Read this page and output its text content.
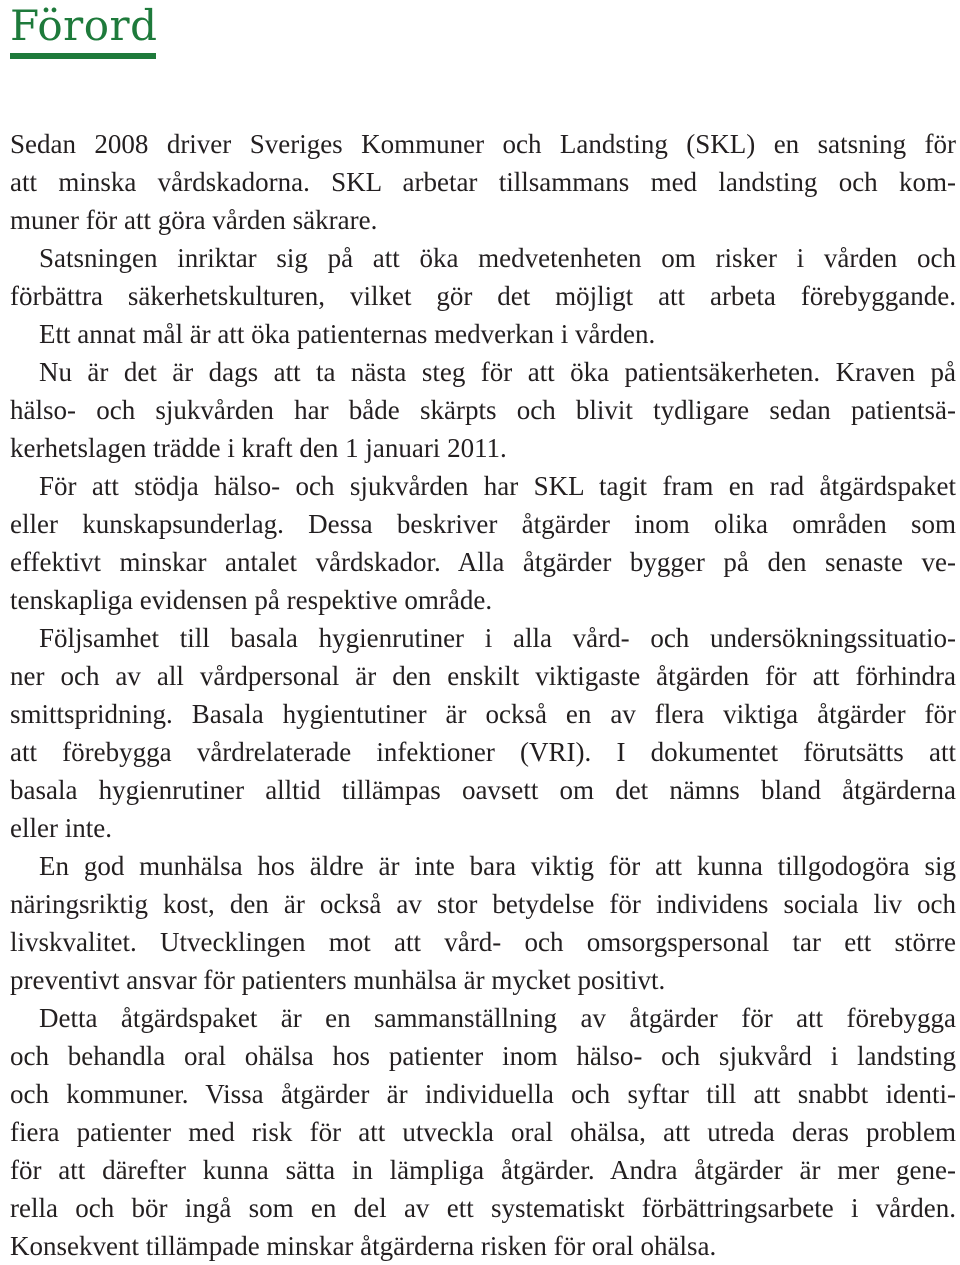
Förord
Sedan 2008 driver Sveriges Kommuner och Landsting (SKL) en satsning för
att minska vårdskadorna. SKL arbetar tillsammans med landsting och kom-
muner för att göra vården säkrare.
Satsningen inriktar sig på att öka medvetenheten om risker i vården och
förbättra säkerhetskulturen, vilket gör det möjligt att arbeta förebyggande.
Ett annat mål är att öka patienternas medverkan i vården.
Nu är det är dags att ta nästa steg för att öka patientsäkerheten. Kraven på
hälso- och sjukvården har både skärpts och blivit tydligare sedan patientsä-
kerhetslagen trädde i kraft den 1 januari 2011.
För att stödja hälso- och sjukvården har SKL tagit fram en rad åtgärdspaket
eller kunskapsunderlag. Dessa beskriver åtgärder inom olika områden som
effektivt minskar antalet vårdskador. Alla åtgärder bygger på den senaste ve-
tenskapliga evidensen på respektive område.
Följsamhet till basala hygienrutiner i alla vård- och undersökningssituatio-
ner och av all vårdpersonal är den enskilt viktigaste åtgärden för att förhindra
smittspridning. Basala hygientutiner är också en av flera viktiga åtgärder för
att förebygga vårdrelaterade infektioner (VRI). I dokumentet förutsätts att
basala hygienrutiner alltid tillämpas oavsett om det nämns bland åtgärderna
eller inte.
En god munhälsa hos äldre är inte bara viktig för att kunna tillgodogöra sig
näringsriktig kost, den är också av stor betydelse för individens sociala liv och
livskvalitet. Utvecklingen mot att vård- och omsorgspersonal tar ett större
preventivt ansvar för patienters munhälsa är mycket positivt.
Detta åtgärdspaket är en sammanställning av åtgärder för att förebygga
och behandla oral ohälsa hos patienter inom hälso- och sjukvård i landsting
och kommuner. Vissa åtgärder är individuella och syftar till att snabbt identi-
fiera patienter med risk för att utveckla oral ohälsa, att utreda deras problem
för att därefter kunna sätta in lämpliga åtgärder. Andra åtgärder är mer gene-
rella och bör ingå som en del av ett systematiskt förbättringsarbete i vården.
Konsekvent tillämpade minskar åtgärderna risken för oral ohälsa.
